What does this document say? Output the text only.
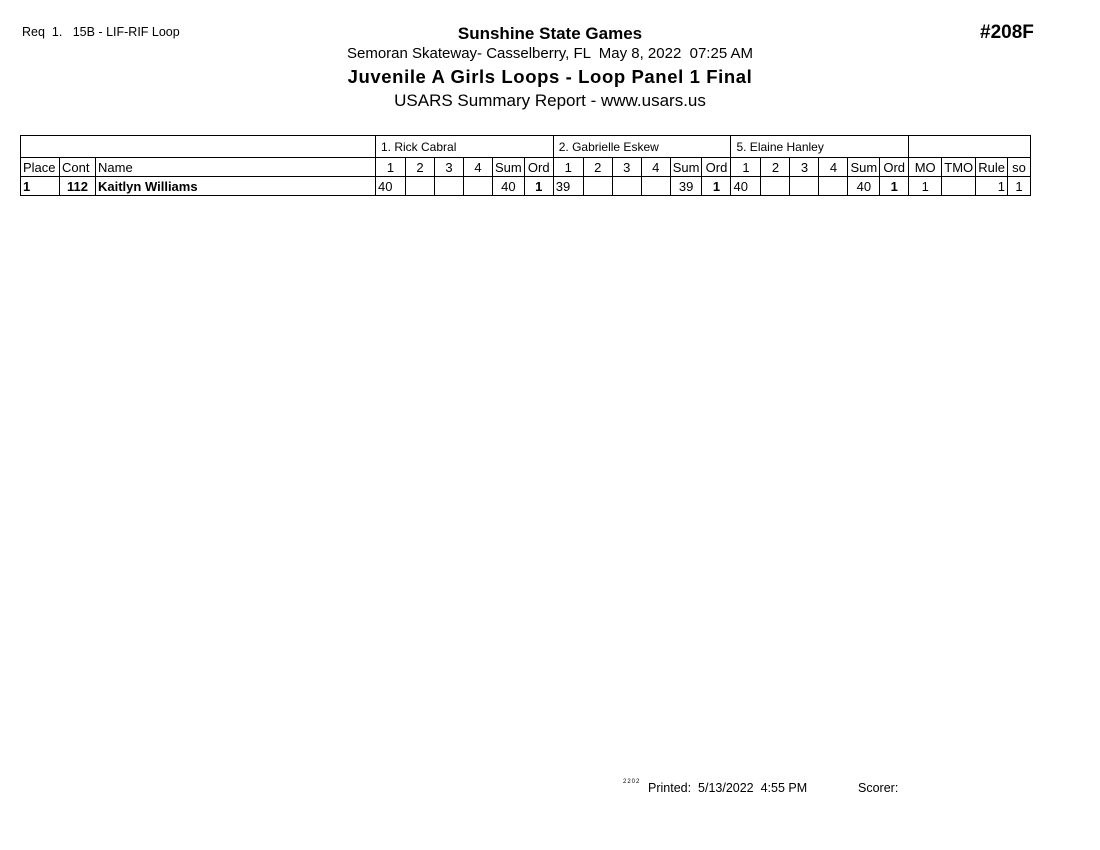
Req  1.   15B - LIF-RIF Loop	#208F
Sunshine State Games
Semoran Skateway- Casselberry, FL  May 8, 2022  07:25 AM
Juvenile A Girls Loops - Loop Panel 1 Final
USARS Summary Report - www.usars.us
			1. Rick Cabral						2. Gabrielle Eskew						5. Elaine Hanley									
Place	Cont	Name	1	2	3	4	Sum	Ord	1	2	3	4	Sum	Ord	1	2	3	4	Sum	Ord	MO	TMO	Rule	so
1	112	Kaitlyn Williams	40				40	1	39				39	1	40				40	1	1		1	1
2202 Printed:  5/13/2022  4:55 PM	Scorer:
